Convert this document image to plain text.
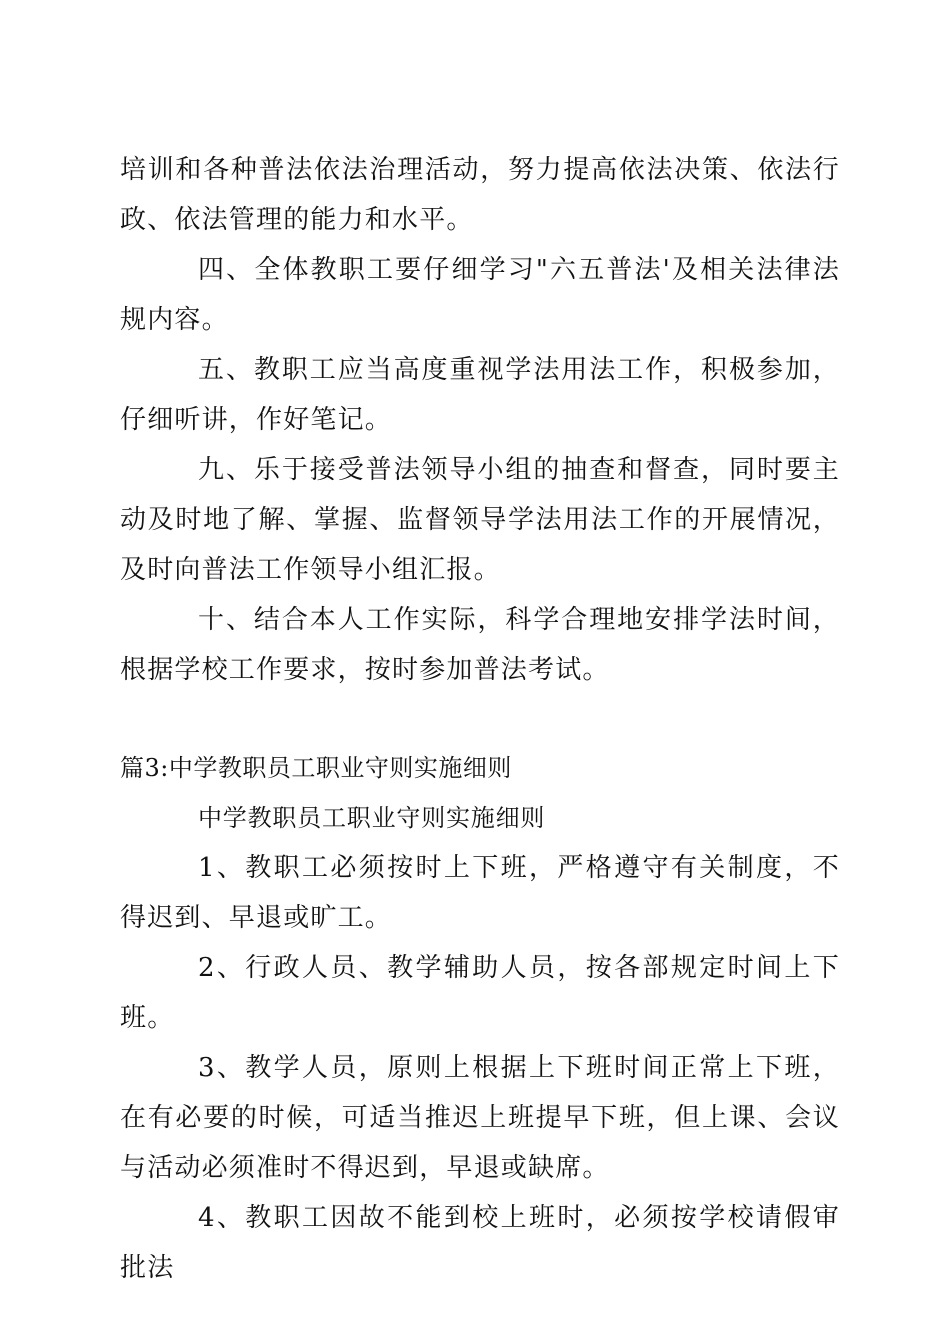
培训和各种普法依法治理活动，努力提高依法决策、依法行政、依法管理的能力和水平。

四、全体教职工要仔细学习"六五普法'及相关法律法规内容。

五、教职工应当高度重视学法用法工作，积极参加，仔细听讲，作好笔记。

九、乐于接受普法领导小组的抽查和督查，同时要主动及时地了解、掌握、监督领导学法用法工作的开展情况，及时向普法工作领导小组汇报。

十、结合本人工作实际，科学合理地安排学法时间，根据学校工作要求，按时参加普法考试。

篇3:中学教职员工职业守则实施细则

中学教职员工职业守则实施细则

1、教职工必须按时上下班，严格遵守有关制度，不得迟到、早退或旷工。

2、行政人员、教学辅助人员，按各部规定时间上下班。

3、教学人员，原则上根据上下班时间正常上下班，在有必要的时候，可适当推迟上班提早下班，但上课、会议与活动必须准时不得迟到，早退或缺席。

4、教职工因故不能到校上班时，必须按学校请假审批法
